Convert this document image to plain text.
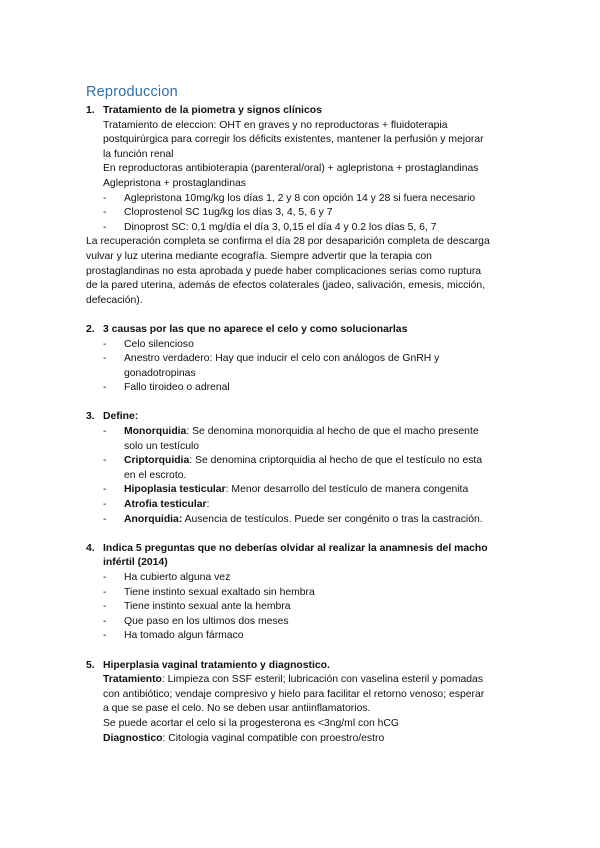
Reproduccion
1. Tratamiento de la piometra y signos clínicos
Tratamiento de eleccion: OHT en graves y no reproductoras + fluidoterapia
postquirúrgica para corregir los déficits existentes, mantener la perfusión y mejorar
la función renal
En reproductoras antibioterapia (parenteral/oral) + aglepristona + prostaglandinas
Aglepristona + prostaglandinas
-	Aglepristona 10mg/kg los días 1, 2 y 8 con opción 14 y 28 si fuera necesario
-	Cloprostenol SC 1ug/kg los días 3, 4, 5, 6 y 7
-	Dinoprost SC: 0,1 mg/día el día 3, 0,15 el día 4 y 0.2 los días 5, 6, 7
La recuperación completa se confirma el día 28 por desaparición completa de descarga
vulvar y luz uterina mediante ecografía. Siempre advertir que la terapia con
prostaglandinas no esta aprobada y puede haber complicaciones serias como ruptura
de la pared uterina, además de efectos colaterales (jadeo, salivación, emesis, micción,
defecación).
2. 3 causas por las que no aparece el celo y como solucionarlas
-	Celo silencioso
-	Anestro verdadero: Hay que inducir el celo con análogos de GnRH y
gonadotropinas
-	Fallo tiroideo o adrenal
3. Define:
-	Monorquidia: Se denomina monorquidia al hecho de que el macho presente
solo un testículo
-	Criptorquidia: Se denomina criptorquidia al hecho de que el testículo no esta
en el escroto.
-	Hipoplasia testicular: Menor desarrollo del testículo de manera congenita
-	Atrofia testicular:
-	Anorquidia: Ausencia de testículos. Puede ser congénito o tras la castración.
4. Indica 5 preguntas que no deberías olvidar al realizar la anamnesis del macho
infértil (2014)
-	Ha cubierto alguna vez
-	Tiene instinto sexual exaltado sin hembra
-	Tiene instinto sexual ante la hembra
-	Que paso en los ultimos dos meses
-	Ha tomado algun fármaco
5. Hiperplasia vaginal tratamiento y diagnostico.
Tratamiento: Limpieza con SSF esteril; lubricación con vaselina esteril y pomadas
con antibiótico; vendaje compresivo y hielo para facilitar el retorno venoso; esperar
a que se pase el celo. No se deben usar antiinflamatorios.
Se puede acortar el celo si la progesterona es <3ng/ml con hCG
Diagnostico: Citologia vaginal compatible con proestro/estro
